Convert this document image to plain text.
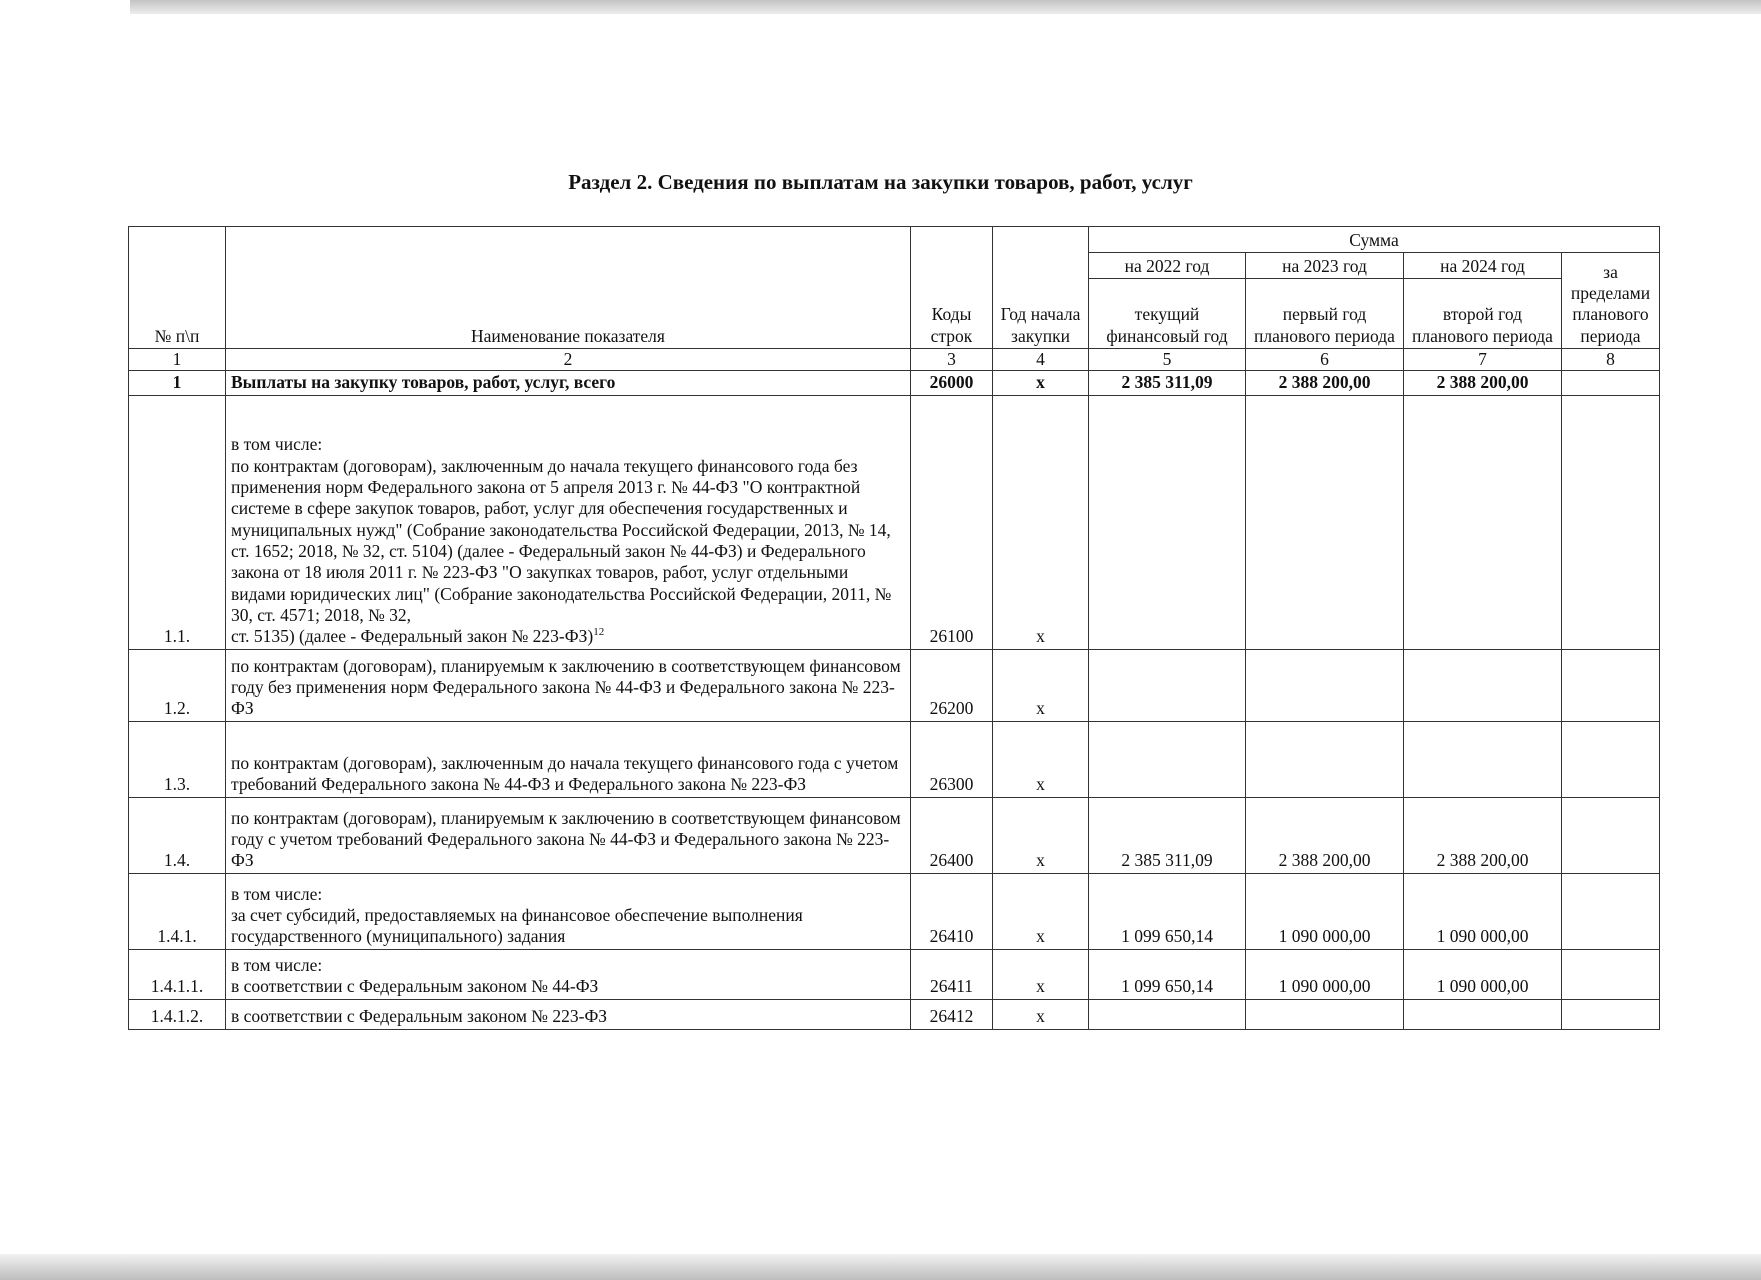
Раздел 2. Сведения по выплатам на закупки товаров, работ, услуг
№ п\п	Наименование показателя	Коды строк	Год начала закупки	Сумма			
				на 2022 год	на 2023 год	на 2024 год	за пределами планового периода
				текущий финансовый год	первый год планового периода	второй год планового периода	
1	2	3	4	5	6	7	8
1	Выплаты на закупку товаров, работ, услуг, всего	26000	х	2 385 311,09	2 388 200,00	2 388 200,00	
1.1.	в том числе:
по контрактам (договорам), заключенным до начала текущего финансового года без применения норм Федерального закона от 5 апреля 2013 г. № 44-ФЗ "О контрактной системе в сфере закупок товаров, работ, услуг для обеспечения государственных и муниципальных нужд" (Собрание законодательства Российской Федерации, 2013, № 14, ст. 1652; 2018, № 32, ст. 5104) (далее - Федеральный закон № 44-ФЗ) и Федерального закона от 18 июля 2011 г. № 223-ФЗ "О закупках товаров, работ, услуг отдельными видами юридических лиц" (Собрание законодательства Российской Федерации, 2011, № 30, ст. 4571; 2018, № 32,
ст. 5135) (далее - Федеральный закон № 223-ФЗ)$^{12}$	26100	х				
1.2.	по контрактам (договорам), планируемым к заключению в соответствующем финансовом году без применения норм Федерального закона № 44-ФЗ и Федерального закона № 223-ФЗ	26200	х				
1.3.	по контрактам (договорам), заключенным до начала текущего финансового года с учетом требований Федерального закона № 44-ФЗ и Федерального закона № 223-ФЗ	26300	х				
1.4.	по контрактам (договорам), планируемым к заключению в соответствующем финансовом году с учетом требований Федерального закона № 44-ФЗ и Федерального закона № 223-ФЗ	26400	х	2 385 311,09	2 388 200,00	2 388 200,00	
1.4.1.	в том числе:
за счет субсидий, предоставляемых на финансовое обеспечение выполнения государственного (муниципального) задания	26410	х	1 099 650,14	1 090 000,00	1 090 000,00	
1.4.1.1.	в том числе:
в соответствии с Федеральным законом № 44-ФЗ	26411	х	1 099 650,14	1 090 000,00	1 090 000,00	
1.4.1.2.	в соответствии с Федеральным законом № 223-ФЗ	26412	х				
